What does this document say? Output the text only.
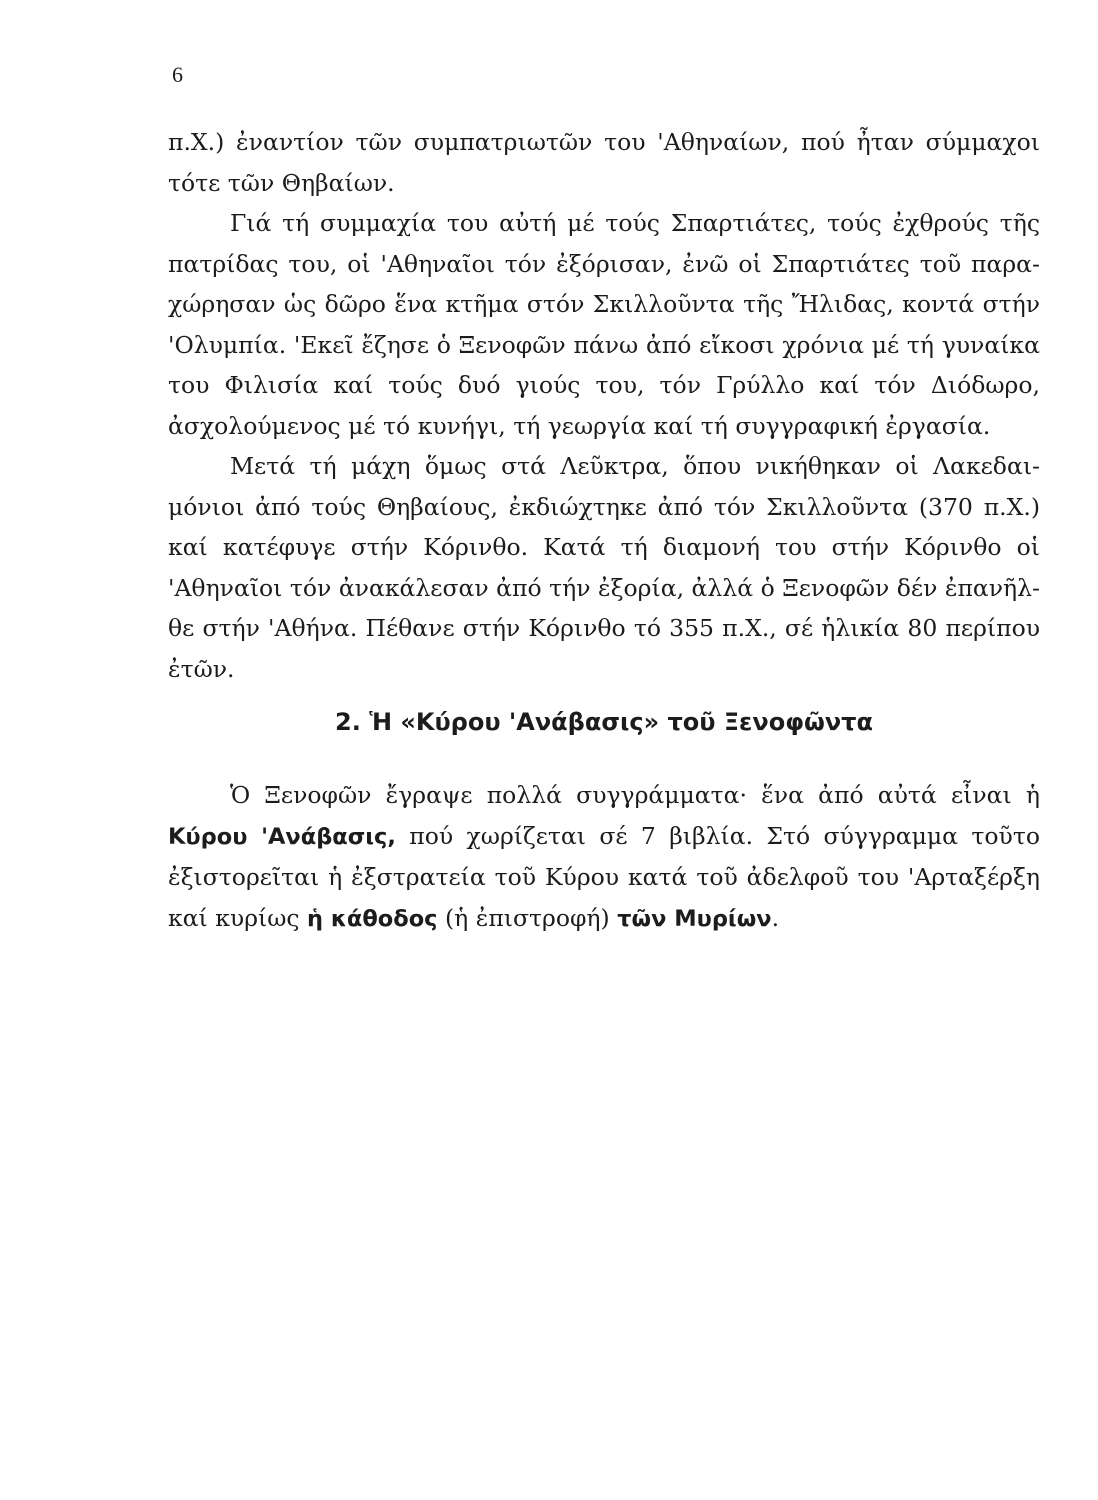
6

π.Χ.) ἐναντίον τῶν συμπατριωτῶν του 'Αθηναίων, πού ἦταν σύμμαχοι τότε τῶν Θηβαίων.

Γιά τή συμμαχία του αὐτή μέ τούς Σπαρτιάτες, τούς ἐχθρούς τῆς πατρίδας του, οἱ 'Αθηναῖοι τόν ἐξόρισαν, ἐνῶ οἱ Σπαρτιάτες τοῦ παραχώρησαν ὡς δῶρο ἕνα κτῆμα στόν Σκιλλοῦντα τῆς Ἤλιδας, κοντά στήν 'Ολυμπία. 'Εκεῖ ἔζησε ὁ Ξενοφῶν πάνω ἀπό εἴκοσι χρόνια μέ τή γυναίκα του Φιλισία καί τούς δυό γιούς του, τόν Γρύλλο καί τόν Διόδωρο, ἀσχολούμενος μέ τό κυνήγι, τή γεωργία καί τή συγγραφική ἐργασία.

Μετά τή μάχη ὅμως στά Λεῦκτρα, ὅπου νικήθηκαν οἱ Λακεδαιμόνιοι ἀπό τούς Θηβαίους, ἐκδιώχτηκε ἀπό τόν Σκιλλοῦντα (370 π.Χ.) καί κατέφυγε στήν Κόρινθο. Κατά τή διαμονή του στήν Κόρινθο οἱ 'Αθηναῖοι τόν ἀνακάλεσαν ἀπό τήν ἐξορία, ἀλλά ὁ Ξενοφῶν δέν ἐπανῆλθε στήν 'Αθήνα. Πέθανε στήν Κόρινθο τό 355 π.Χ., σέ ἡλικία 80 περίπου ἐτῶν.

2. Ἡ «Κύρου 'Ανάβασις» τοῦ Ξενοφῶντα

Ὁ Ξενοφῶν ἔγραψε πολλά συγγράμματα· ἕνα ἀπό αὐτά εἶναι ἡ Κύρου 'Ανάβασις, πού χωρίζεται σέ 7 βιβλία. Στό σύγγραμμα τοῦτο ἐξιστορεῖται ἡ ἐξστρατεία τοῦ Κύρου κατά τοῦ ἀδελφοῦ του 'Αρταξέρξη καί κυρίως ἡ κάθοδος (ἡ ἐπιστροφή) τῶν Μυρίων.
